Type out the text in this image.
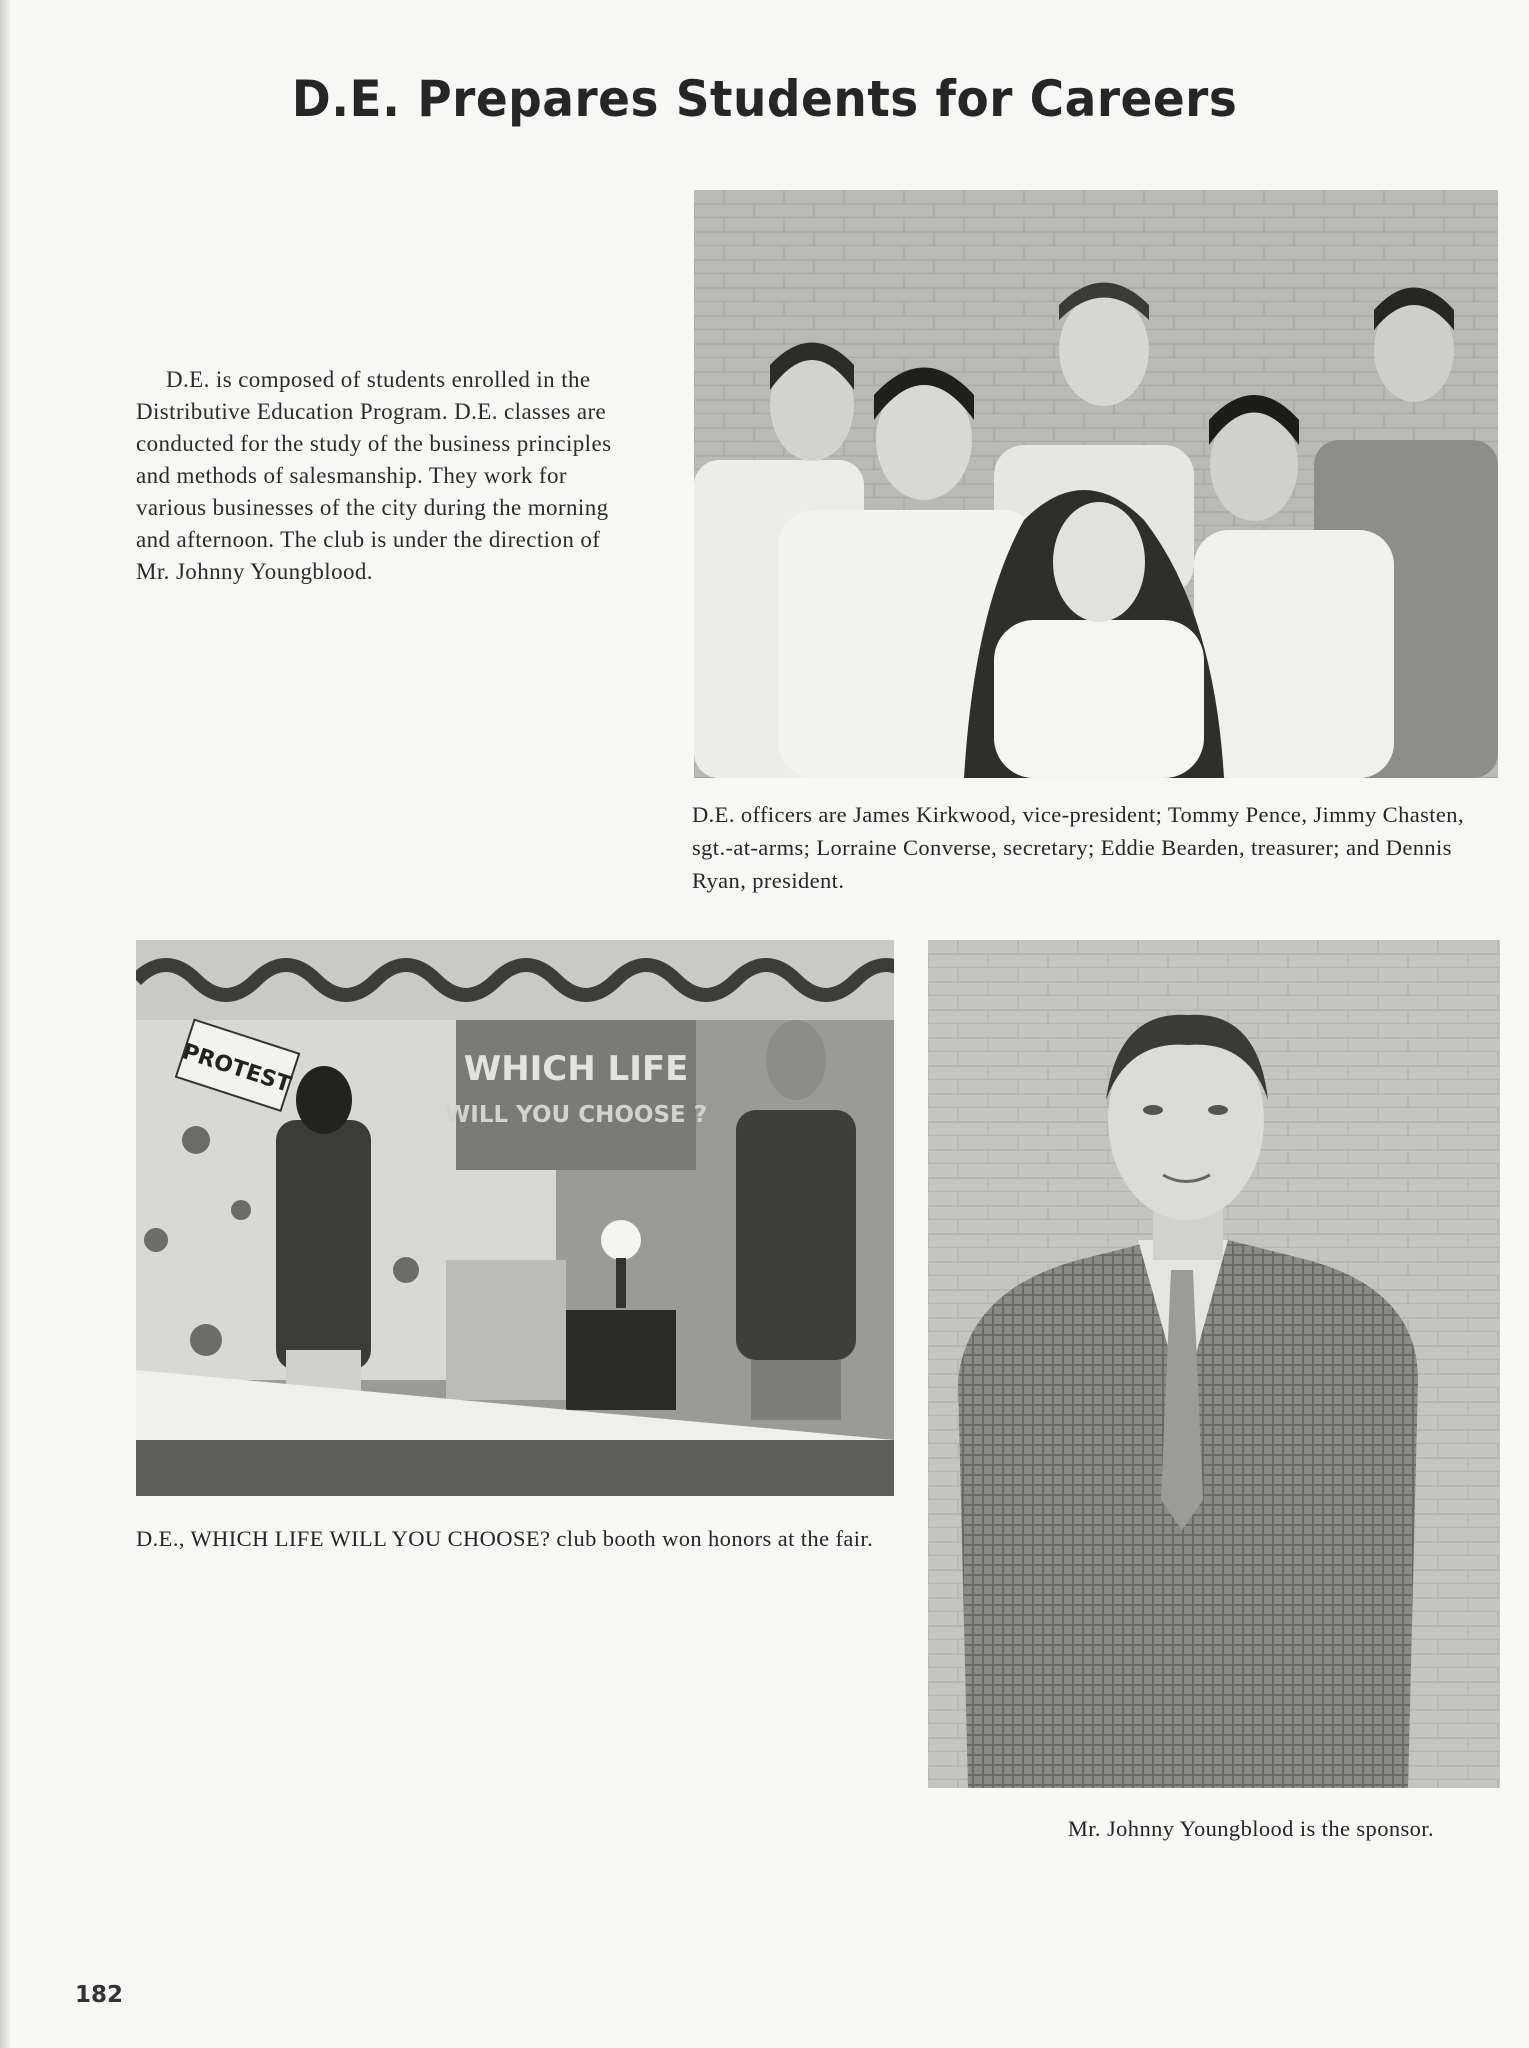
D.E. Prepares Students for Careers
D.E. is composed of students enrolled in the Distributive Education Program. D.E. classes are conducted for the study of the business principles and methods of salesmanship. They work for various businesses of the city during the morning and afternoon. The club is under the direction of Mr. Johnny Youngblood.
D.E. officers are James Kirkwood, vice-president; Tommy Pence, Jimmy Chasten, sgt.-at-arms; Lorraine Converse, secretary; Eddie Bearden, treasurer; and Dennis Ryan, president.
WHICH LIFE
WILL YOU CHOOSE ?
PROTEST
D.E., WHICH LIFE WILL YOU CHOOSE? club booth won honors at the fair.
Mr. Johnny Youngblood is the sponsor.
182
